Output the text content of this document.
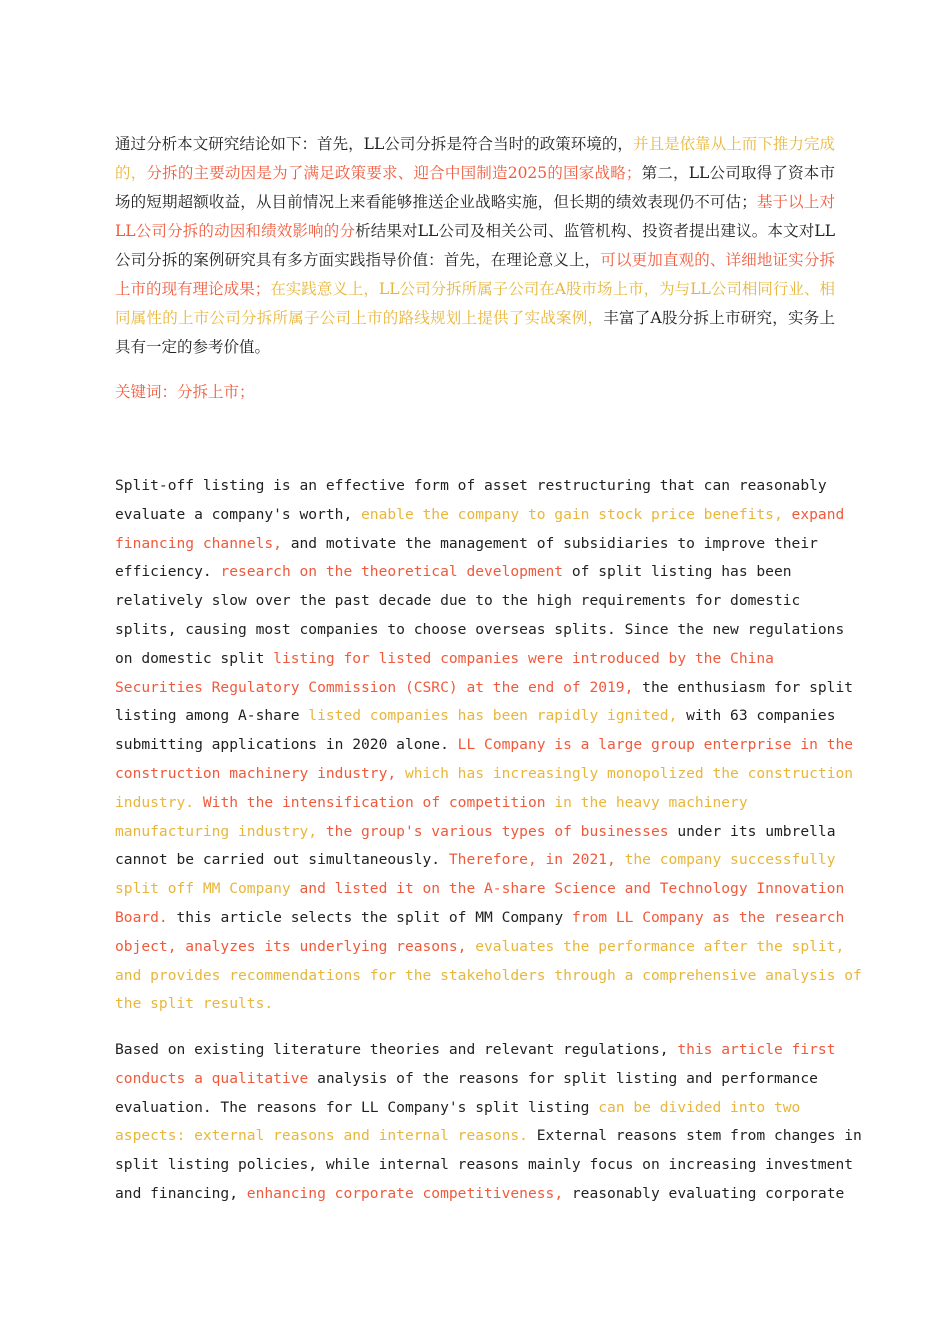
通过分析本文研究结论如下：首先，LL公司分拆是符合当时的政策环境的，并且是依靠从上而下推力完成的，分拆的主要动因是为了满足政策要求、迎合中国制造2025的国家战略；第二，LL公司取得了资本市场的短期超额收益，从目前情况上来看能够推送企业战略实施，但长期的绩效表现仍不可估；基于以上对LL公司分拆的动因和绩效影响的分析结果对LL公司及相关公司、监管机构、投资者提出建议。本文对LL公司分拆的案例研究具有多方面实践指导价值：首先，在理论意义上，可以更加直观的、详细地证实分拆上市的现有理论成果；在实践意义上，LL公司分拆所属子公司在A股市场上市，为与LL公司相同行业、相同属性的上市公司分拆所属子公司上市的路线规划上提供了实战案例，丰富了A股分拆上市研究，实务上具有一定的参考价值。
关键词：分拆上市；
Split-off listing is an effective form of asset restructuring that can reasonably
evaluate a company's worth, enable the company to gain stock price benefits, expand
financing channels, and motivate the management of subsidiaries to improve their
efficiency. research on the theoretical development of split listing has been
relatively slow over the past decade due to the high requirements for domestic
splits, causing most companies to choose overseas splits. Since the new regulations
on domestic split listing for listed companies were introduced by the China
Securities Regulatory Commission (CSRC) at the end of 2019, the enthusiasm for split
listing among A-share listed companies has been rapidly ignited, with 63 companies
submitting applications in 2020 alone. LL Company is a large group enterprise in the
construction machinery industry, which has increasingly monopolized the construction
industry. With the intensification of competition in the heavy machinery
manufacturing industry, the group's various types of businesses under its umbrella
cannot be carried out simultaneously. Therefore, in 2021, the company successfully
split off MM Company and listed it on the A-share Science and Technology Innovation
Board. this article selects the split of MM Company from LL Company as the research
object, analyzes its underlying reasons, evaluates the performance after the split,
and provides recommendations for the stakeholders through a comprehensive analysis of
the split results.
Based on existing literature theories and relevant regulations, this article first
conducts a qualitative analysis of the reasons for split listing and performance
evaluation. The reasons for LL Company's split listing can be divided into two
aspects: external reasons and internal reasons. External reasons stem from changes in
split listing policies, while internal reasons mainly focus on increasing investment
and financing, enhancing corporate competitiveness, reasonably evaluating corporate
